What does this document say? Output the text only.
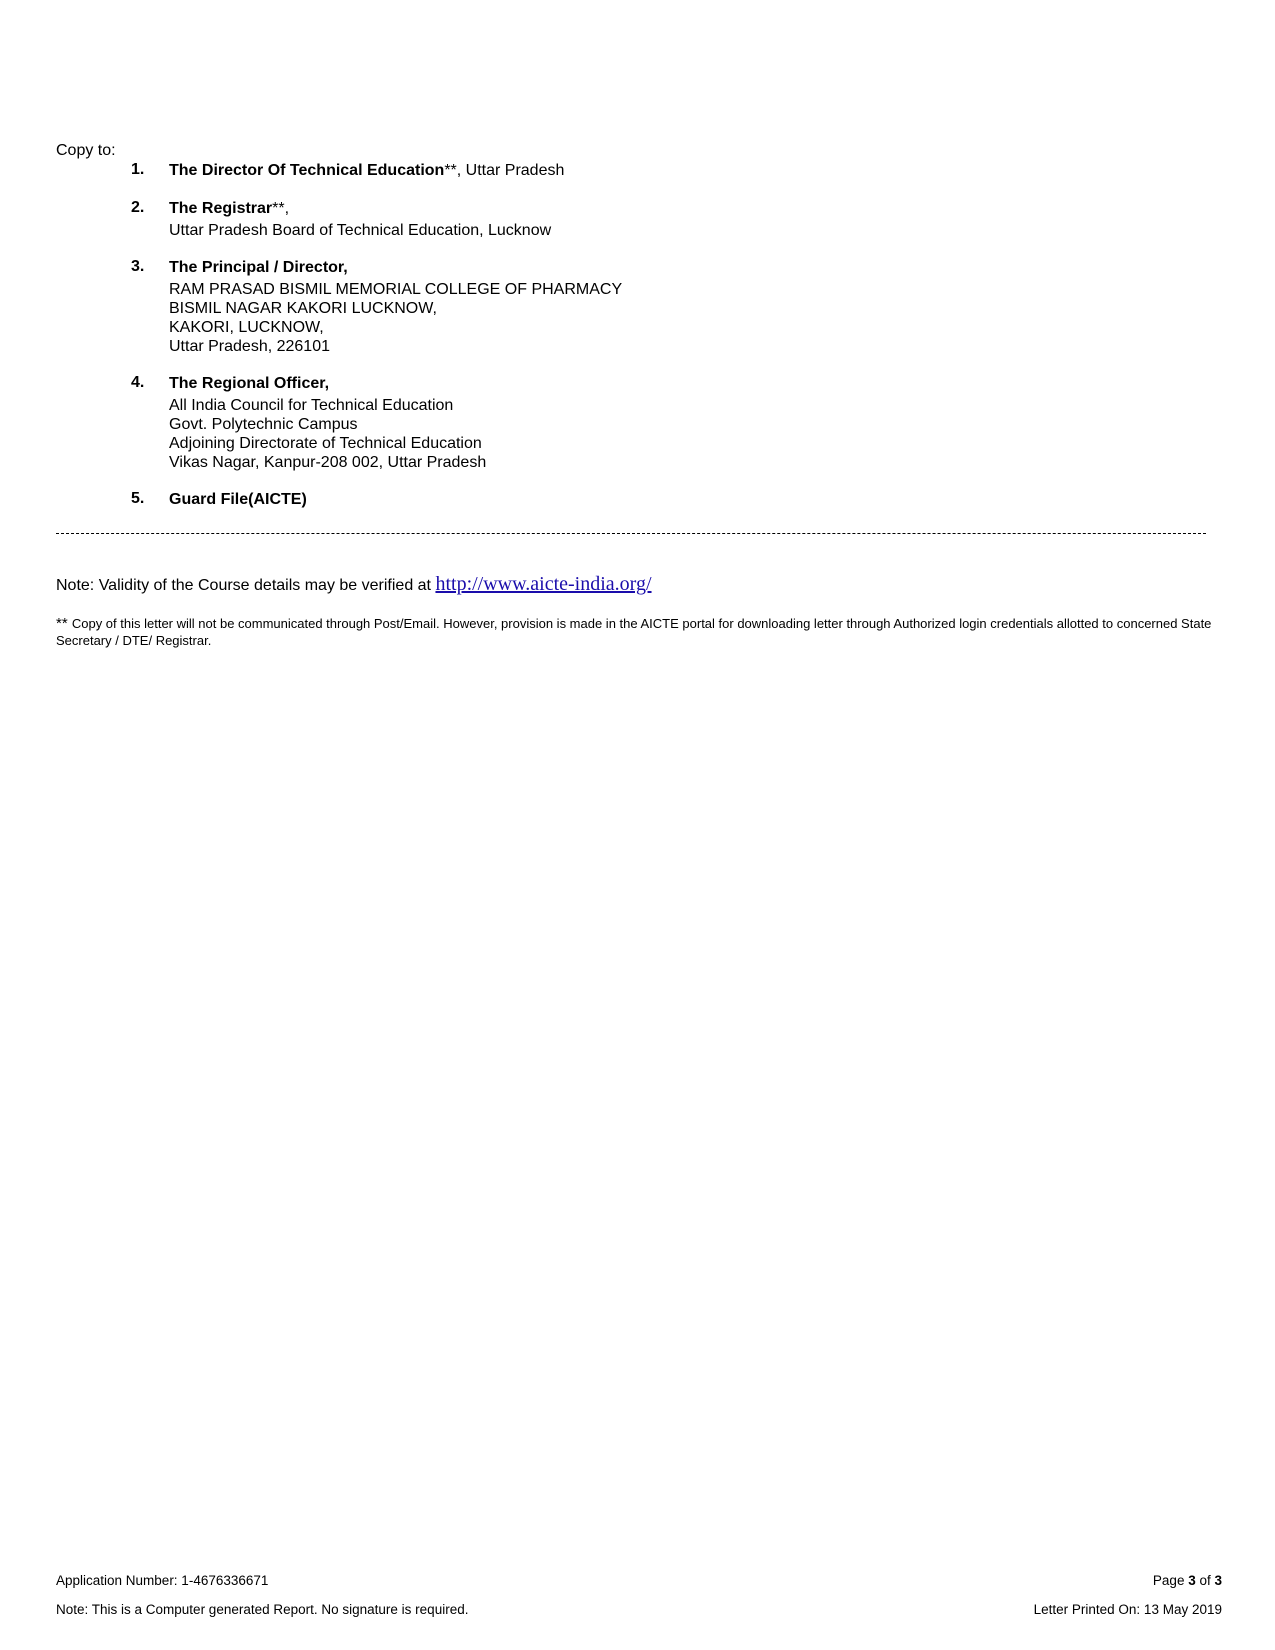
Copy to:
1. The Director Of Technical Education**, Uttar Pradesh
2. The Registrar**,
Uttar Pradesh Board of Technical Education, Lucknow
3. The Principal / Director,
RAM PRASAD BISMIL MEMORIAL COLLEGE OF PHARMACY
BISMIL NAGAR KAKORI LUCKNOW,
KAKORI, LUCKNOW,
Uttar Pradesh, 226101
4. The Regional Officer,
All India Council for Technical Education
Govt. Polytechnic Campus
Adjoining Directorate of Technical Education
Vikas Nagar, Kanpur-208 002, Uttar Pradesh
5. Guard File(AICTE)
Note: Validity of the Course details may be verified at http://www.aicte-india.org/
** Copy of this letter will not be communicated through Post/Email. However, provision is made in the AICTE portal for downloading letter through Authorized login credentials allotted to concerned State Secretary / DTE/ Registrar.
Application Number: 1-4676336671
Note: This is a Computer generated Report. No signature is required.
Page 3 of 3
Letter Printed On: 13 May 2019
